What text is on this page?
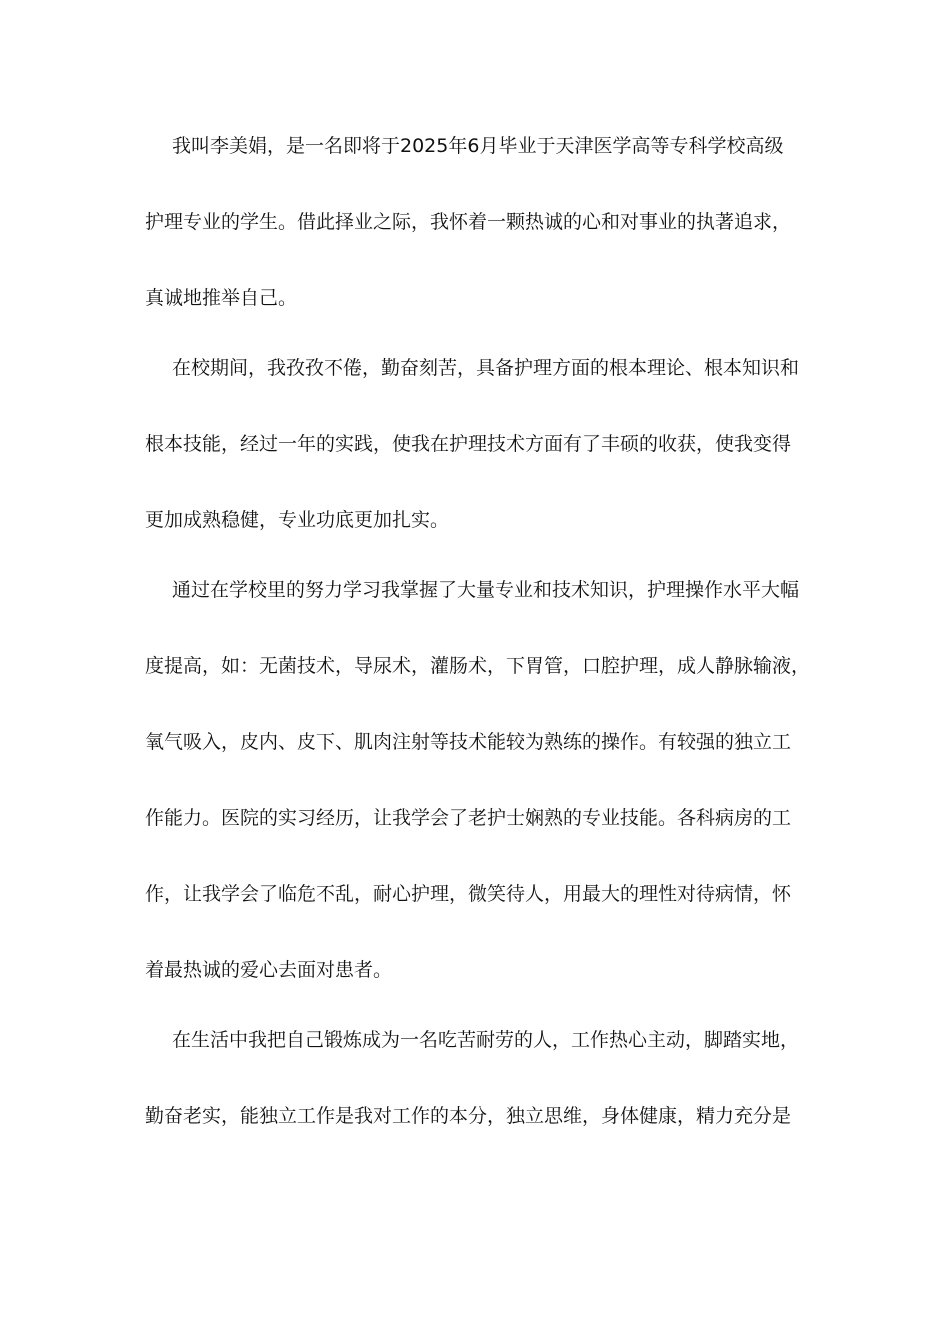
我叫李美娟，是一名即将于2025年6月毕业于天津医学高等专科学校高级
护理专业的学生。借此择业之际，我怀着一颗热诚的心和对事业的执著追求，
真诚地推举自己。
在校期间，我孜孜不倦，勤奋刻苦，具备护理方面的根本理论、根本知识和
根本技能，经过一年的实践，使我在护理技术方面有了丰硕的收获，使我变得
更加成熟稳健，专业功底更加扎实。
通过在学校里的努力学习我掌握了大量专业和技术知识，护理操作水平大幅
度提高，如：无菌技术，导尿术，灌肠术，下胃管，口腔护理，成人静脉输液，
氧气吸入，皮内、皮下、肌肉注射等技术能较为熟练的操作。有较强的独立工
作能力。医院的实习经历，让我学会了老护士娴熟的专业技能。各科病房的工
作，让我学会了临危不乱，耐心护理，微笑待人，用最大的理性对待病情，怀
着最热诚的爱心去面对患者。
在生活中我把自己锻炼成为一名吃苦耐劳的人，工作热心主动，脚踏实地，
勤奋老实，能独立工作是我对工作的本分，独立思维，身体健康，精力充分是
